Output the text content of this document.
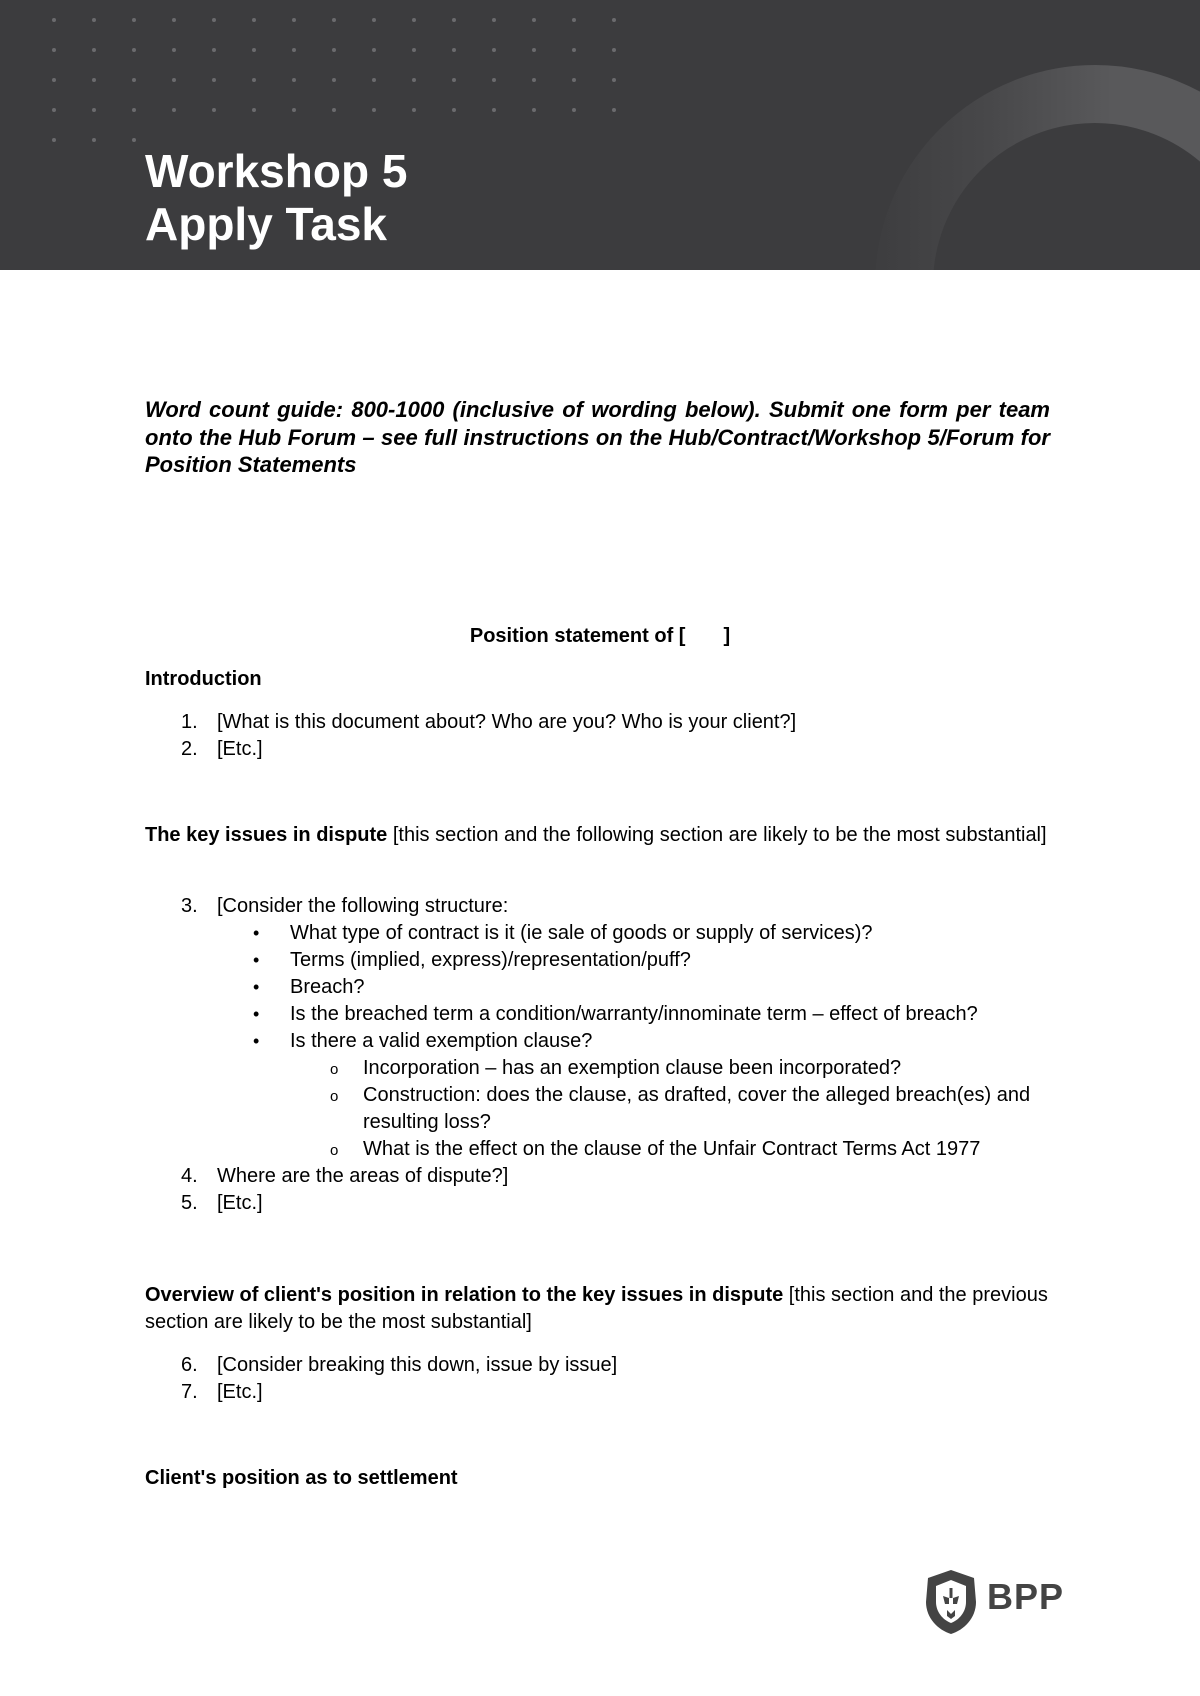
Workshop 5
Apply Task
Word count guide: 800-1000 (inclusive of wording below). Submit one form per team onto the Hub Forum – see full instructions on the Hub/Contract/Workshop 5/Forum for Position Statements
Position statement of [ ]
Introduction
1. [What is this document about? Who are you? Who is your client?]
2. [Etc.]
The key issues in dispute [this section and the following section are likely to be the most substantial]
3. [Consider the following structure:
• What type of contract is it (ie sale of goods or supply of services)?
• Terms (implied, express)/representation/puff?
• Breach?
• Is the breached term a condition/warranty/innominate term – effect of breach?
• Is there a valid exemption clause?
o Incorporation – has an exemption clause been incorporated?
o Construction: does the clause, as drafted, cover the alleged breach(es) and resulting loss?
o What is the effect on the clause of the Unfair Contract Terms Act 1977
4. Where are the areas of dispute?]
5. [Etc.]
Overview of client's position in relation to the key issues in dispute [this section and the previous section are likely to be the most substantial]
6. [Consider breaking this down, issue by issue]
7. [Etc.]
Client's position as to settlement
BPP
